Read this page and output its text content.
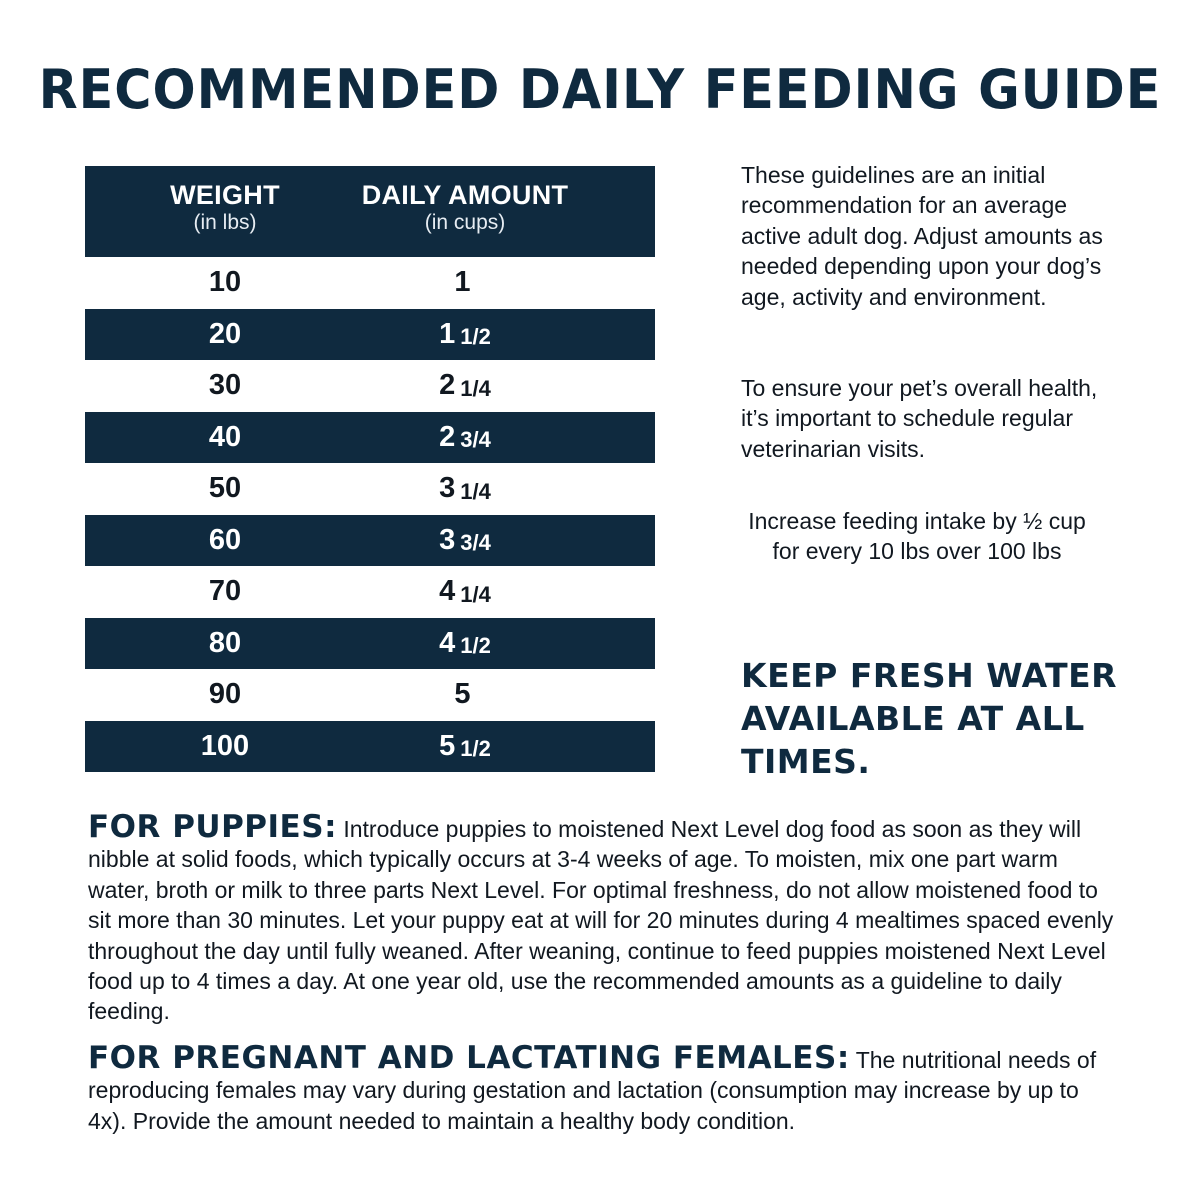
RECOMMENDED DAILY FEEDING GUIDE
WEIGHT
(in lbs)
DAILY AMOUNT
(in cups)
10	1
20	1 1/2
30	2 1/4
40	2 3/4
50	3 1/4
60	3 3/4
70	4 1/4
80	4 1/2
90	5
100	5 1/2
These guidelines are an initial recommendation for an average active adult dog. Adjust amounts as needed depending upon your dog’s age, activity and environment.
To ensure your pet’s overall health, it’s important to schedule regular veterinarian visits.
Increase feeding intake by ½ cup for every 10 lbs over 100 lbs
KEEP FRESH WATER AVAILABLE AT ALL TIMES.
FOR PUPPIES: Introduce puppies to moistened Next Level dog food as soon as they will nibble at solid foods, which typically occurs at 3-4 weeks of age. To moisten, mix one part warm water, broth or milk to three parts Next Level. For optimal freshness, do not allow moistened food to sit more than 30 minutes. Let your puppy eat at will for 20 minutes during 4 mealtimes spaced evenly throughout the day until fully weaned. After weaning, continue to feed puppies moistened Next Level food up to 4 times a day. At one year old, use the recommended amounts as a guideline to daily feeding.
FOR PREGNANT AND LACTATING FEMALES: The nutritional needs of reproducing females may vary during gestation and lactation (consumption may increase by up to 4x). Provide the amount needed to maintain a healthy body condition.
